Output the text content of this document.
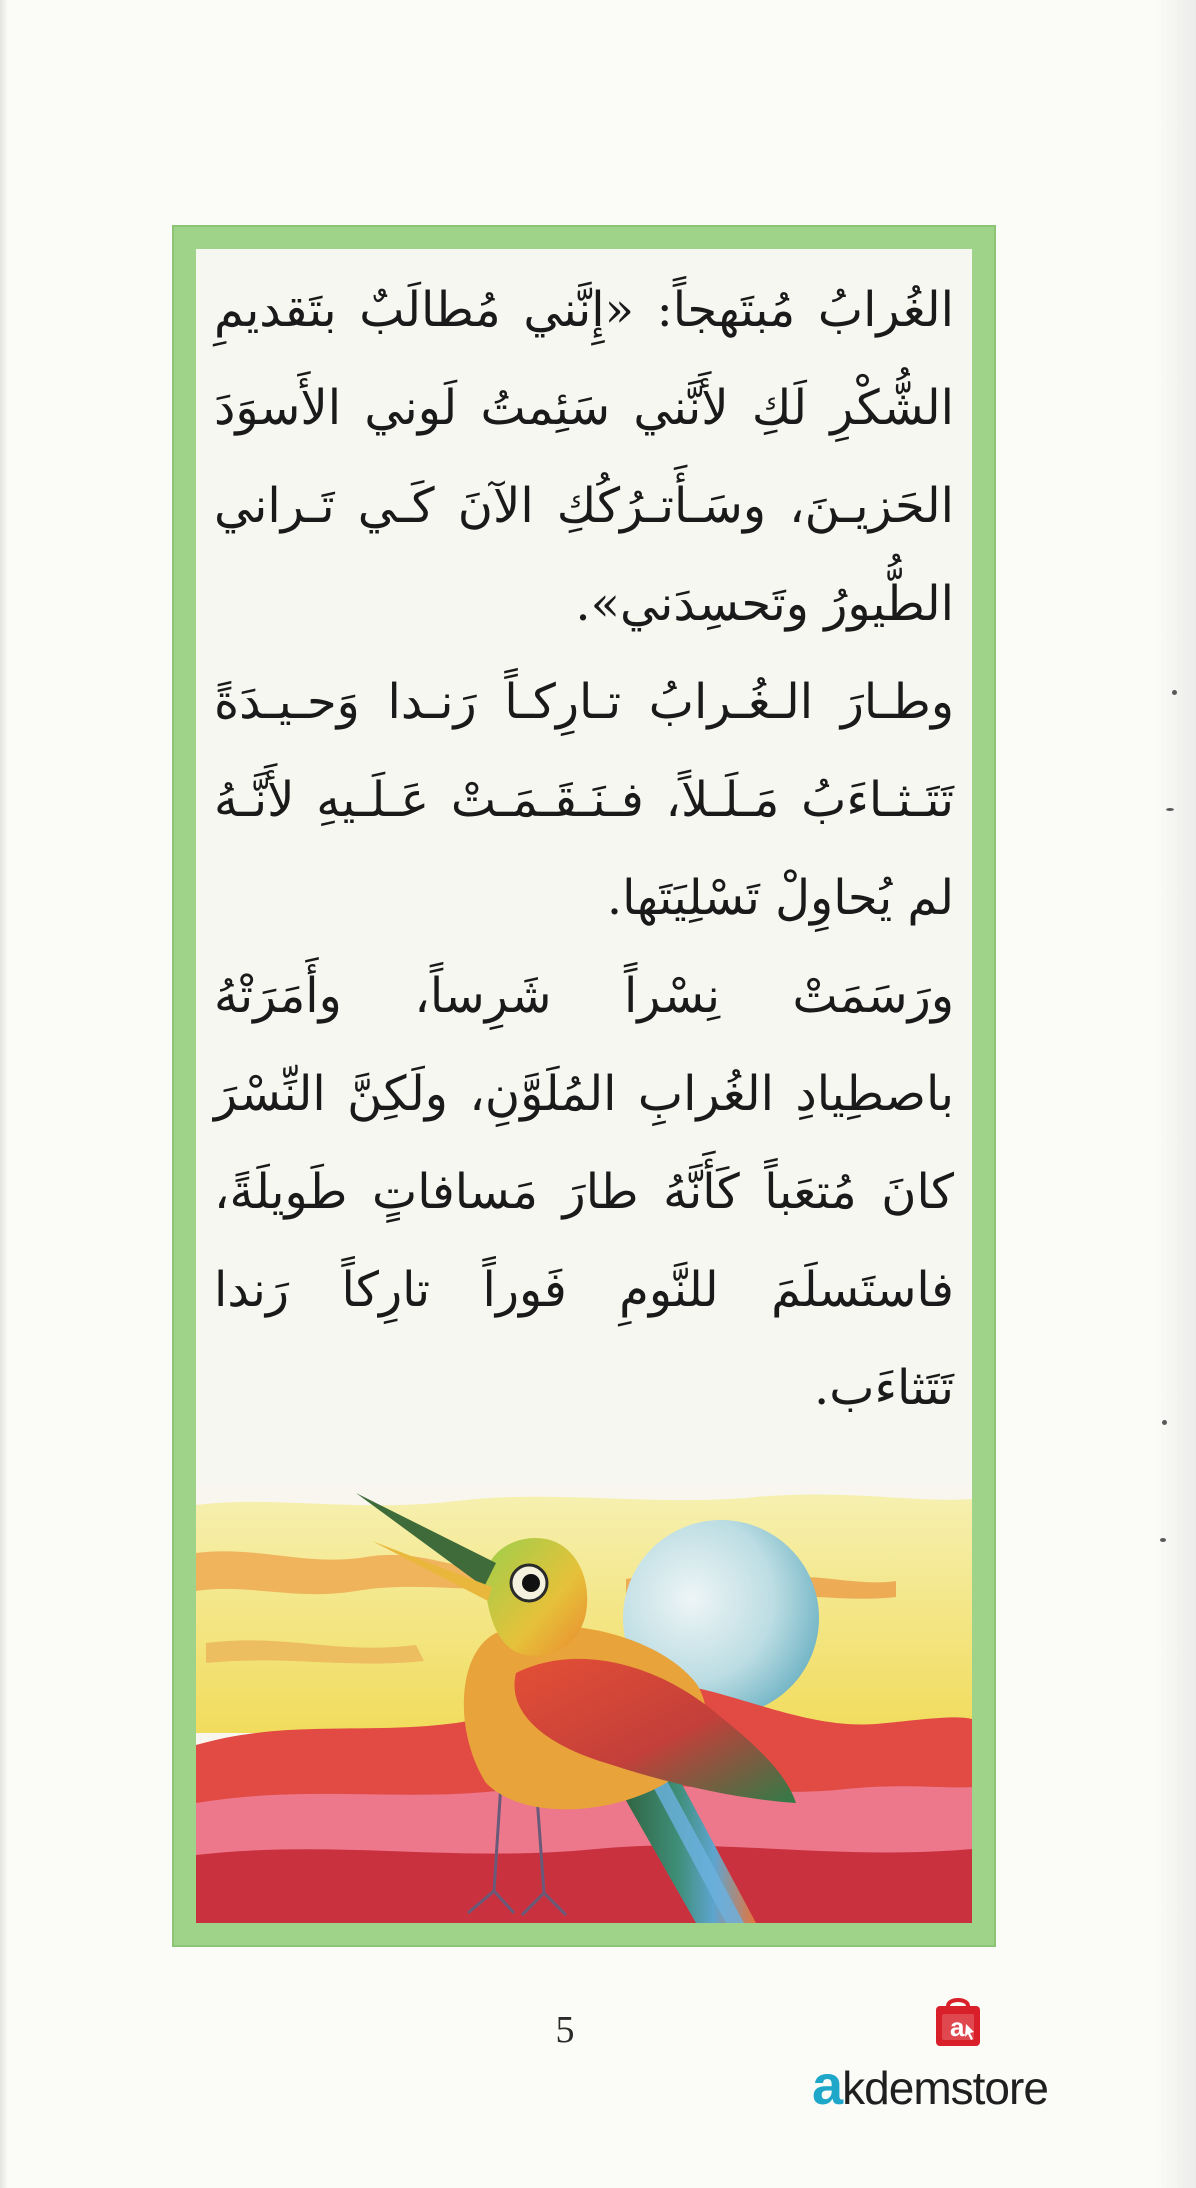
الغُرابُ مُبتَهجاً: «إِنَّني مُطالَبٌ بتَقديمِ الشُّكْرِ لَكِ لأَنَّني سَئِمتُ لَوني الأَسوَدَ الحَزيـنَ، وسَـأَتـرُكُكِ الآنَ كَـي تَـراني الطُّيورُ وتَحسِدَني».

وطـارَ الـغُـرابُ تـارِكـاً رَنـدا وَحـيـدَةً تَتَـثـاءَبُ مَـلَـلاً، فـنَـقَـمَـتْ عَـلَـيهِ لأَنَّـهُ لم يُحاوِلْ تَسْلِيَتَها.

ورَسَمَتْ نِسْراً شَرِساً، وأَمَرَتْهُ باصطِيادِ الغُرابِ المُلَوَّنِ، ولَكِنَّ النِّسْرَ كانَ مُتعَباً كَأَنَّهُ طارَ مَسافاتٍ طَويلَةً، فاستَسلَمَ للنَّومِ فَوراً تارِكاً رَندا تَتَثاءَب.

5	a
akdemstore
